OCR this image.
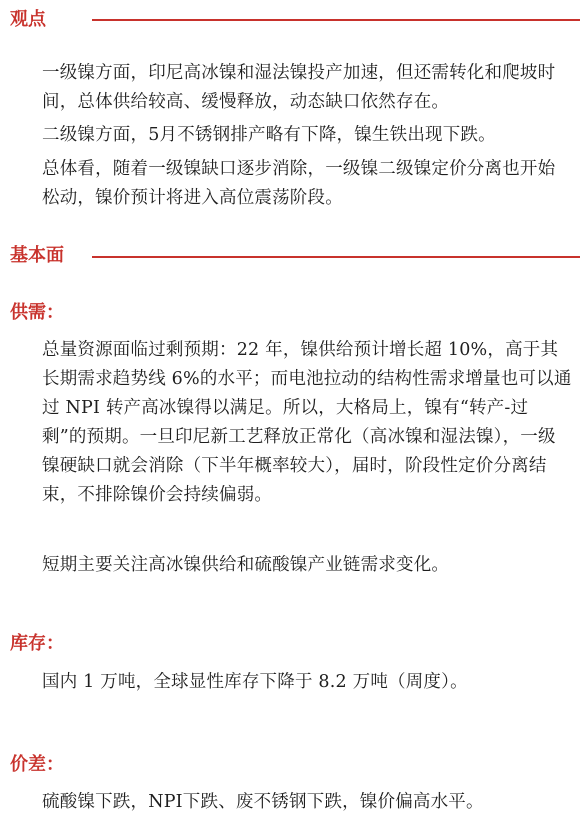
观点
一级镍方面，印尼高冰镍和湿法镍投产加速，但还需转化和爬坡时间，总体供给较高、缓慢释放，动态缺口依然存在。
二级镍方面，5月不锈钢排产略有下降，镍生铁出现下跌。
总体看，随着一级镍缺口逐步消除，一级镍二级镍定价分离也开始松动，镍价预计将进入高位震荡阶段。
基本面
供需：
总量资源面临过剩预期：22 年，镍供给预计增长超 10%，高于其长期需求趋势线 6%的水平；而电池拉动的结构性需求增量也可以通过 NPI 转产高冰镍得以满足。所以，大格局上，镍有“转产-过剩”的预期。一旦印尼新工艺释放正常化（高冰镍和湿法镍），一级镍硬缺口就会消除（下半年概率较大），届时，阶段性定价分离结束，不排除镍价会持续偏弱。
短期主要关注高冰镍供给和硫酸镍产业链需求变化。
库存：
国内 1 万吨，全球显性库存下降于 8.2 万吨（周度）。
价差：
硫酸镍下跌，NPI下跌、废不锈钢下跌，镍价偏高水平。
